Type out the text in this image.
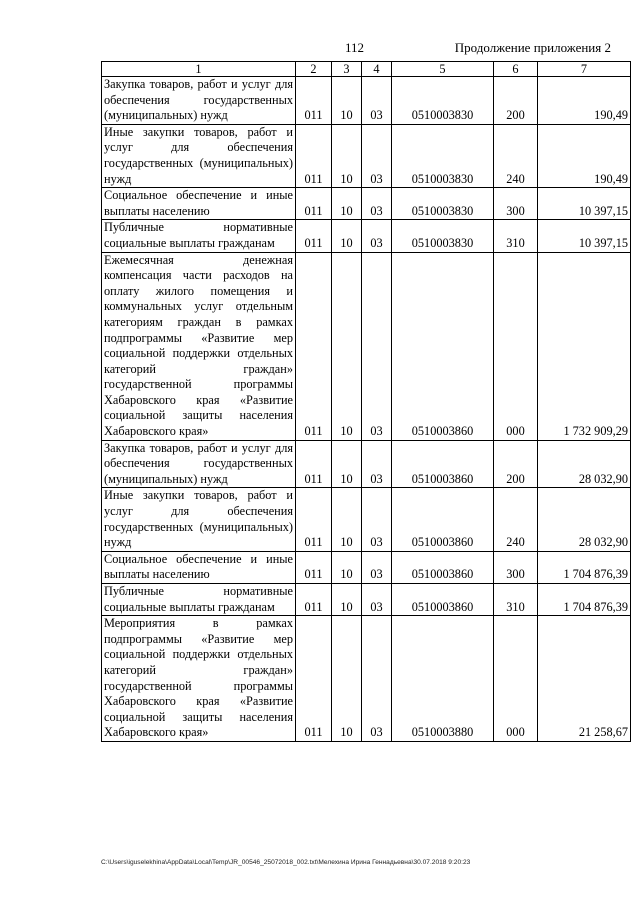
112	Продолжение приложения 2
1	2	3	4	5	6	7
Закупка товаров, работ и услуг для обеспечения государственных (муниципальных) нужд	011	10	03	0510003830	200	190,49
Иные закупки товаров, работ и услуг для обеспечения государственных (муниципальных) нужд	011	10	03	0510003830	240	190,49
Социальное обеспечение и иные выплаты населению	011	10	03	0510003830	300	10 397,15
Публичные нормативные социальные выплаты гражданам	011	10	03	0510003830	310	10 397,15
Ежемесячная денежная компенсация части расходов на оплату жилого помещения и коммунальных услуг отдельным категориям граждан в рамках подпрограммы «Развитие мер социальной поддержки отдельных категорий граждан» государственной программы Хабаровского края «Развитие социальной защиты населения Хабаровского края»	011	10	03	0510003860	000	1 732 909,29
Закупка товаров, работ и услуг для обеспечения государственных (муниципальных) нужд	011	10	03	0510003860	200	28 032,90
Иные закупки товаров, работ и услуг для обеспечения государственных (муниципальных) нужд	011	10	03	0510003860	240	28 032,90
Социальное обеспечение и иные выплаты населению	011	10	03	0510003860	300	1 704 876,39
Публичные нормативные социальные выплаты гражданам	011	10	03	0510003860	310	1 704 876,39
Мероприятия в рамках подпрограммы «Развитие мер социальной поддержки отдельных категорий граждан» государственной программы Хабаровского края «Развитие социальной защиты населения Хабаровского края»	011	10	03	0510003880	000	21 258,67
C:\Users\iguselekhina\AppData\Local\Temp\JR_00546_25072018_002.txt\Мелехина Ирина Геннадьевна\30.07.2018 9:20:23
